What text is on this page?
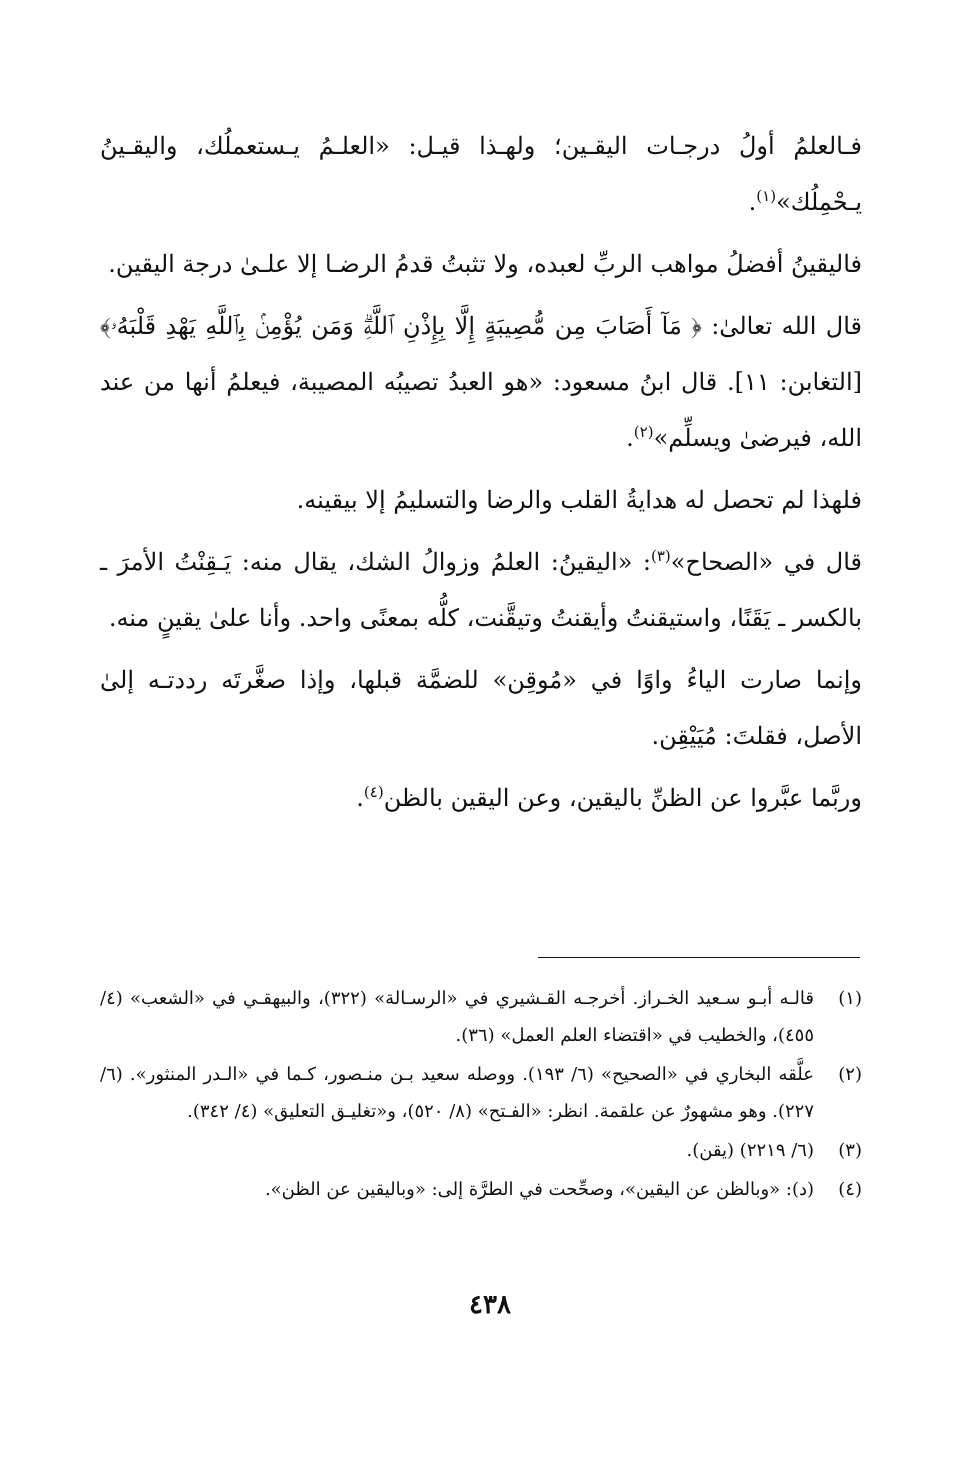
فـالعلمُ أولُ درجـات اليقـين؛ ولهـذا قيـل: «العلـمُ يـستعملُك، واليقـينُ يـحْمِلُك»$^{(١)}$.

فاليقينُ أفضلُ مواهب الربِّ لعبده، ولا تثبتُ قدمُ الرضـا إلا علـىٰ درجة اليقين.

قال الله تعالىٰ: ﴿ مَآ أَصَابَ مِن مُّصِيبَةٍ إِلَّا بِإِذْنِ ٱللَّهِۗ وَمَن يُؤْمِنۢ بِٱللَّهِ يَهْدِ قَلْبَهُۥ﴾ [التغابن: ١١]. قال ابنُ مسعود: «هو العبدُ تصيبُه المصيبة، فيعلمُ أنها من عند الله، فيرضىٰ ويسلِّم»$^{(٢)}$.

فلهذا لم تحصل له هدايةُ القلب والرضا والتسليمُ إلا بيقينه.

قال في «الصحاح»$^{(٣)}$: «اليقينُ: العلمُ وزوالُ الشك، يقال منه: يَـقِنْتُ الأمرَ ـ بالكسر ـ يَقَنًا، واستيقنتُ وأيقنتُ وتيقَّنت، كلُّه بمعنًى واحد. وأنا علىٰ يقينٍ منه.

وإنما صارت الياءُ واوًا في «مُوقِن» للضمَّة قبلها، وإذا صغَّرتَه رددتـه إلىٰ الأصل، فقلتَ: مُيَيْقِن.

وربَّما عبَّروا عن الظنِّ باليقين، وعن اليقين بالظن$^{(٤)}$.

(١)
قالـه أبـو سـعيد الخـراز. أخرجـه القـشيري في «الرسـالة» (٣٢٢)، والبيهقـي في «الشعب» (٤/ ٤٥٥)، والخطيب في «اقتضاء العلم العمل» (٣٦).
(٢)
علَّقه البخاري في «الصحيح» (٦/ ١٩٣). ووصله سعيد بـن منـصور، كـما في «الـدر المنثور». (٦/ ٢٢٧). وهو مشهورٌ عن علقمة. انظر: «الفـتح» (٨/ ٥٢٠)، و«تغليـق التعليق» (٤/ ٣٤٢).
(٣)
(٦/ ٢٢١٩) (يقن).
(٤)
(د): «وبالظن عن اليقين»، وصحِّحت في الطرَّة إلى: «وباليقين عن الظن».
٤٣٨
